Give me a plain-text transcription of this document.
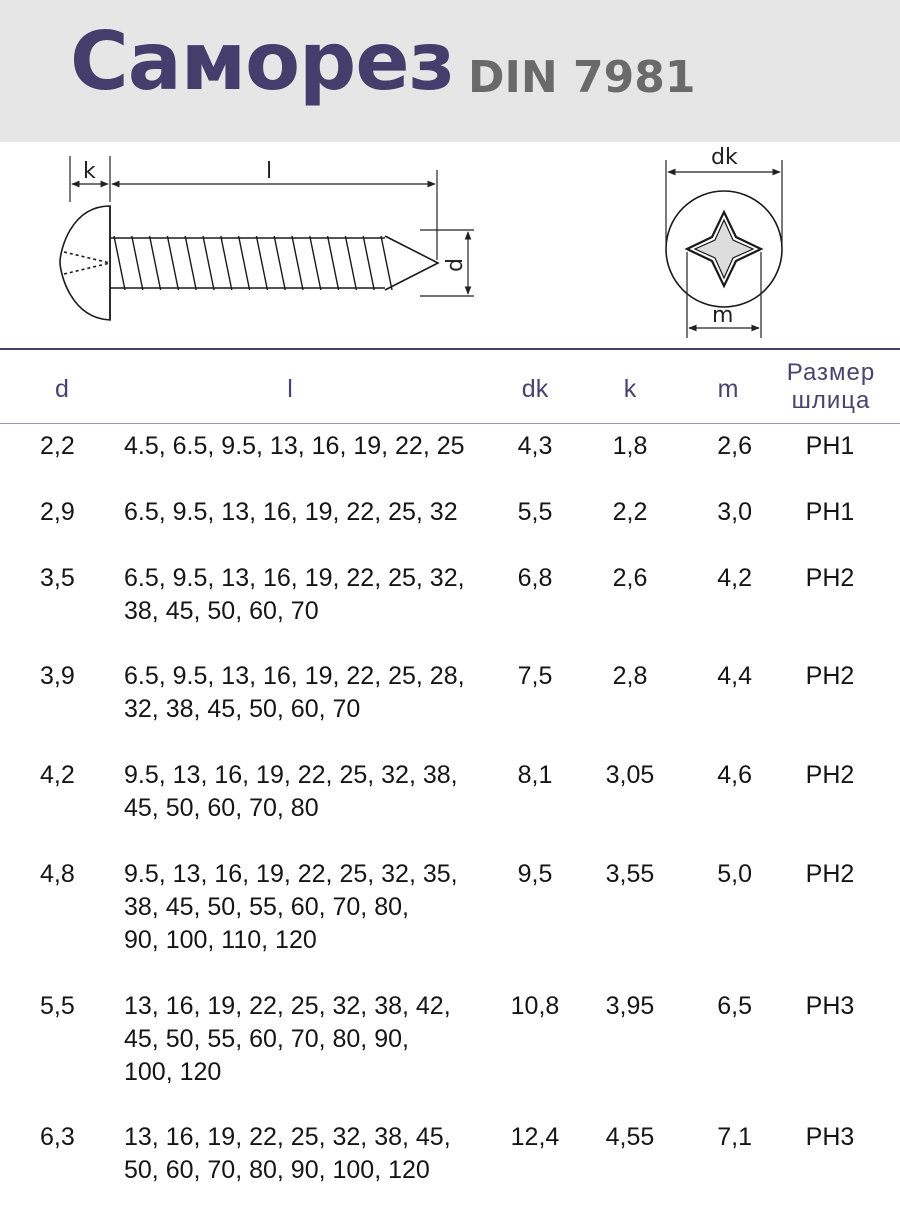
Саморез DIN 7981
k	l
d
dk
m
d	l	dk	k	m
Размер
шлица
2,2	4.5, 6.5, 9.5, 13, 16, 19, 22, 25	4,3	1,8	2,6	PH1
2,9	6.5, 9.5, 13, 16, 19, 22, 25, 32	5,5	2,2	3,0	PH1
3,5	6.5, 9.5, 13, 16, 19, 22, 25, 32,
38, 45, 50, 60, 70
6,8	2,6	4,2	PH2
3,9	6.5, 9.5, 13, 16, 19, 22, 25, 28,
32, 38, 45, 50, 60, 70
7,5	2,8	4,4	PH2
4,2	9.5, 13, 16, 19, 22, 25, 32, 38,
45, 50, 60, 70, 80
8,1	3,05	4,6	PH2
4,8	9.5, 13, 16, 19, 22, 25, 32, 35,
38, 45, 50, 55, 60, 70, 80,
90, 100, 110, 120
9,5	3,55	5,0	PH2
5,5	13, 16, 19, 22, 25, 32, 38, 42,
45, 50, 55, 60, 70, 80, 90,
100, 120
10,8	3,95	6,5	PH3
6,3	13, 16, 19, 22, 25, 32, 38, 45,
50, 60, 70, 80, 90, 100, 120
12,4	4,55	7,1	PH3
